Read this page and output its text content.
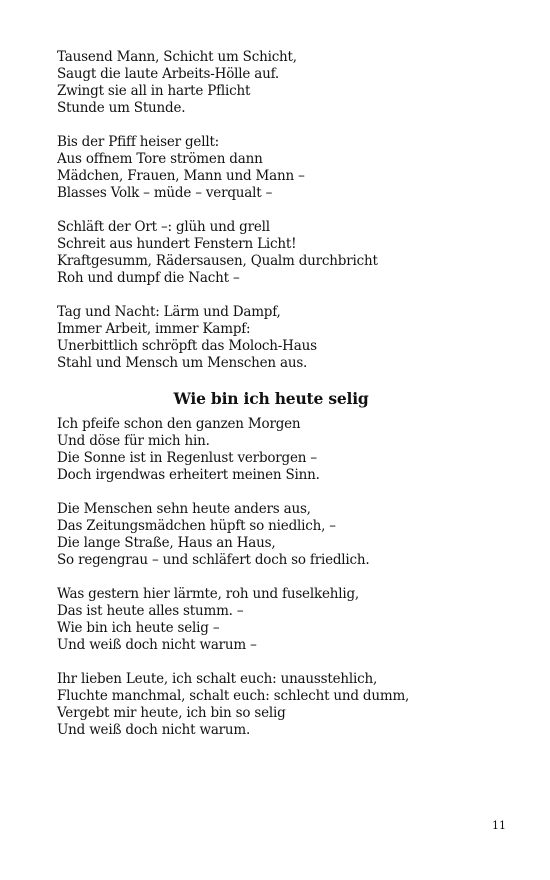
Tausend Mann, Schicht um Schicht,
Saugt die laute Arbeits-Hölle auf.
Zwingt sie all in harte Pflicht
Stunde um Stunde.
Bis der Pfiff heiser gellt:
Aus offnem Tore strömen dann
Mädchen, Frauen, Mann und Mann –
Blasses Volk – müde – verqualt –
Schläft der Ort –: glüh und grell
Schreit aus hundert Fenstern Licht!
Kraftgesumm, Rädersausen, Qualm durchbricht
Roh und dumpf die Nacht –
Tag und Nacht: Lärm und Dampf,
Immer Arbeit, immer Kampf:
Unerbittlich schröpft das Moloch-Haus
Stahl und Mensch um Menschen aus.
Wie bin ich heute selig
Ich pfeife schon den ganzen Morgen
Und döse für mich hin.
Die Sonne ist in Regenlust verborgen –
Doch irgendwas erheitert meinen Sinn.
Die Menschen sehn heute anders aus,
Das Zeitungsmädchen hüpft so niedlich, –
Die lange Straße, Haus an Haus,
So regengrau – und schläfert doch so friedlich.
Was gestern hier lärmte, roh und fuselkehlig,
Das ist heute alles stumm. –
Wie bin ich heute selig –
Und weiß doch nicht warum –
Ihr lieben Leute, ich schalt euch: unausstehlich,
Fluchte manchmal, schalt euch: schlecht und dumm,
Vergebt mir heute, ich bin so selig
Und weiß doch nicht warum.
11
